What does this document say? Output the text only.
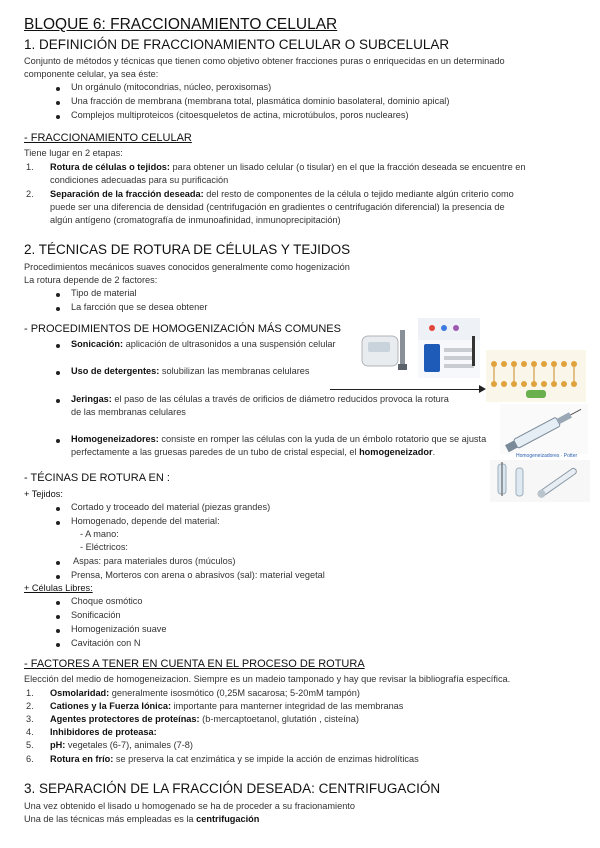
BLOQUE 6: FRACCIONAMIENTO CELULAR
1. DEFINICIÓN DE FRACCIONAMIENTO CELULAR O SUBCELULAR
Conjunto de métodos y técnicas que tienen como objetivo obtener fracciones puras o enriquecidas en un determinado
componente celular, ya sea éste:
Un orgánulo (mitocondrias, núcleo, peroxisomas)
Una fracción de membrana (membrana total, plasmática dominio basolateral, dominio apical)
Complejos multiproteicos (citoesqueletos de actina, microtúbulos, poros nucleares)
- FRACCIONAMIENTO CELULAR
Tiene lugar en 2 etapas:
1. Rotura de células o tejidos: para obtener un lisado celular (o tisular) en el que la fracción deseada se encuentre en
condiciones adecuadas para su purificación
2. Separación de la fracción deseada: del resto de componentes de la célula o tejido mediante algún criterio como
puede ser una diferencia de densidad (centrifugación en gradientes o centrifugación diferencial) la presencia de
algún antígeno (cromatografía de inmunoafinidad, inmunoprecipitación)
2. TÉCNICAS DE ROTURA DE CÉLULAS Y TEJIDOS
Procedimientos mecánicos suaves conocidos generalmente como hogenización
La rotura depende de 2 factores:
Tipo de material
La farcción que se desea obtener
- PROCEDIMIENTOS DE HOMOGENIZACIÓN MÁS COMUNES
Sonicación: aplicación de ultrasonidos a una suspensión celular
Uso de detergentes: solubilizan las membranas celulares
Jeringas: el paso de las células a través de orificios de diámetro reducidos provoca la rotura
de las membranas celulares
Homogeneizadores: consiste en romper las células con la yuda de un émbolo rotatorio que se ajusta
perfectamente a las gruesas paredes de un tubo de cristal especial, el homogeneizador.	Homogeneizadores · Potter
- TÉCINAS DE ROTURA EN :
+ Tejidos:
Cortado y troceado del material (piezas grandes)
Homogenado, depende del material:
- A mano:
- Eléctricos:
Aspas: para materiales duros (múculos)
Prensa, Morteros con arena o abrasivos (sal): material vegetal
+ Células Libres:
Choque osmótico
Sonificación
Homogenización suave
Cavitación con N
- FACTORES A TENER EN CUENTA EN EL PROCESO DE ROTURA
Elección del medio de homogeneizacion. Siempre es un madeio tamponado y hay que revisar la bibliografía específica.
1. Osmolaridad: generalmente isosmótico (0,25M sacarosa; 5-20mM tampón)
2. Cationes y la Fuerza Iónica: importante para manterner integridad de las membranas
3. Agentes protectores de proteínas: (b-mercaptoetanol, glutatión , cisteína)
4. Inhibidores de proteasa:
5. pH: vegetales (6-7), animales (7-8)
6. Rotura en frío: se preserva la cat enzimática y se impide la acción de enzimas hidrolíticas
3. SEPARACIÓN DE LA FRACCIÓN DESEADA: CENTRIFUGACIÓN
Una vez obtenido el lisado u homogenado se ha de proceder a su fracionamiento
Una de las técnicas más empleadas es la centrifugación
